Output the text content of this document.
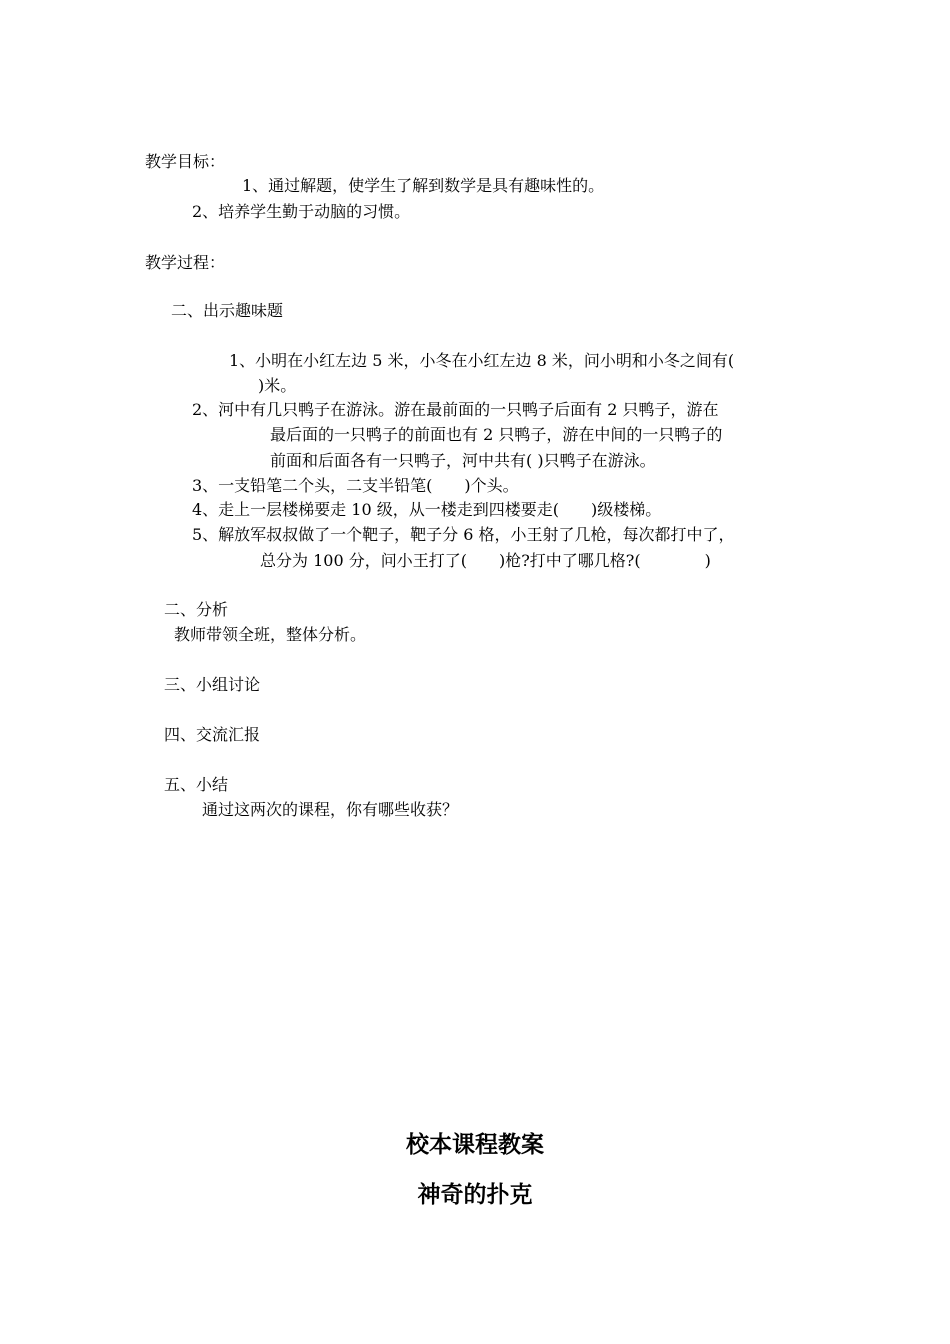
教学目标：
1、通过解题，使学生了解到数学是具有趣味性的。
2、培养学生勤于动脑的习惯。
教学过程：
二、出示趣味题
1、小明在小红左边 5 米，小冬在小红左边 8 米，问小明和小冬之间有(
)米。
2、河中有几只鸭子在游泳。游在最前面的一只鸭子后面有 2 只鸭子，游在
最后面的一只鸭子的前面也有 2 只鸭子，游在中间的一只鸭子的
前面和后面各有一只鸭子，河中共有( )只鸭子在游泳。
3、一支铅笔二个头，二支半铅笔(　　)个头。
4、走上一层楼梯要走 10 级，从一楼走到四楼要走(　　)级楼梯。
5、解放军叔叔做了一个靶子，靶子分 6 格，小王射了几枪，每次都打中了，
总分为 100 分，问小王打了(　　)枪?打中了哪几格?(　　　　)
二、分析
教师带领全班，整体分析。
三、小组讨论
四、交流汇报
五、小结
通过这两次的课程，你有哪些收获？
校本课程教案
神奇的扑克
